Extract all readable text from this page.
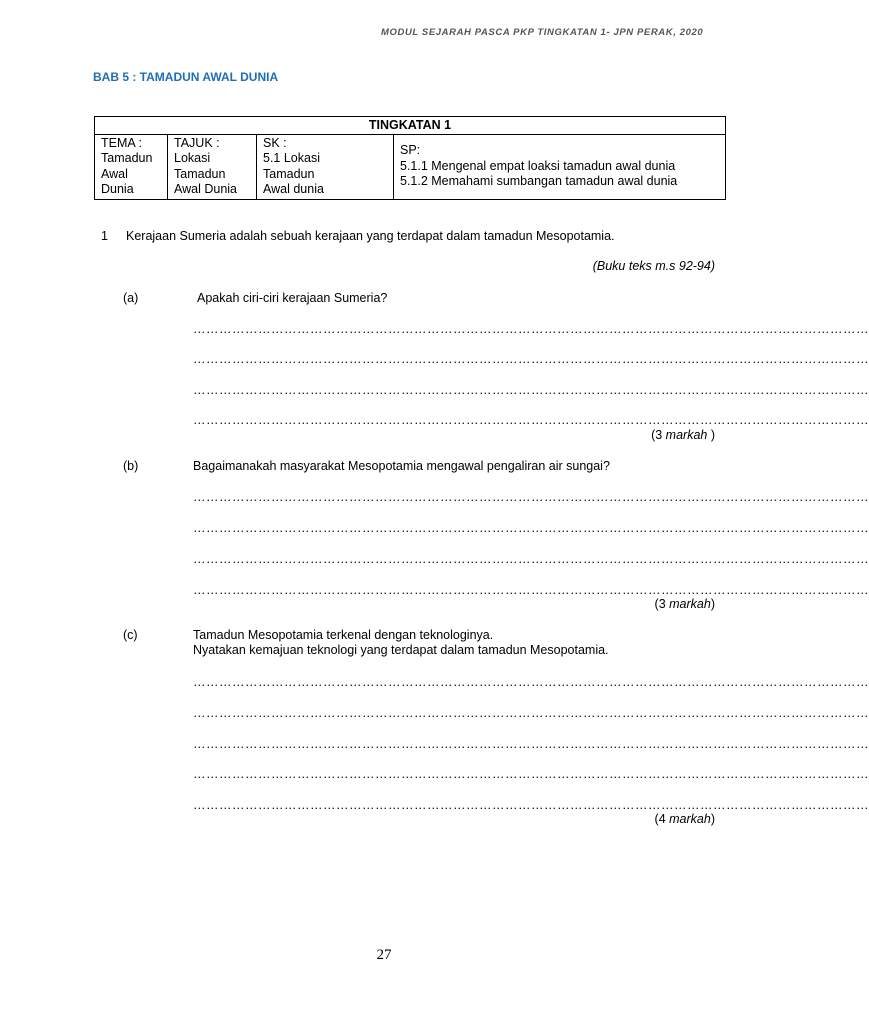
MODUL SEJARAH PASCA PKP TINGKATAN 1- JPN PERAK, 2020
BAB 5 : TAMADUN AWAL DUNIA
TINGKATAN 1

TEMA :
Tamadun
Awal
Dunia

TAJUK :
Lokasi
Tamadun
Awal Dunia

SK :
5.1 Lokasi
Tamadun
Awal dunia

SP:
5.1.1 Mengenal empat loaksi tamadun awal dunia
5.1.2 Memahami sumbangan tamadun awal dunia
1 Kerajaan Sumeria adalah sebuah kerajaan yang terdapat dalam tamadun Mesopotamia.
(Buku teks m.s 92-94)
(a)	Apakah ciri-ciri kerajaan Sumeria?
…………………………………………………………………………………………………………………………………………
…………………………………………………………………………………………………………………………………………
…………………………………………………………………………………………………………………………………………
…………………………………………………………………………………………………………………………………………
(3 markah )
(b)	Bagaimanakah masyarakat Mesopotamia mengawal pengaliran air sungai?
…………………………………………………………………………………………………………………………………………
…………………………………………………………………………………………………………………………………………
…………………………………………………………………………………………………………………………………………
…………………………………………………………………………………………………………………………………………
(3 markah)
(c)	Tamadun Mesopotamia terkenal dengan teknologinya.
Nyatakan kemajuan teknologi yang terdapat dalam tamadun Mesopotamia.
…………………………………………………………………………………………………………………………………………
…………………………………………………………………………………………………………………………………………
…………………………………………………………………………………………………………………………………………
…………………………………………………………………………………………………………………………………………
…………………………………………………………………………………………………………………………………………
(4 markah)
27
